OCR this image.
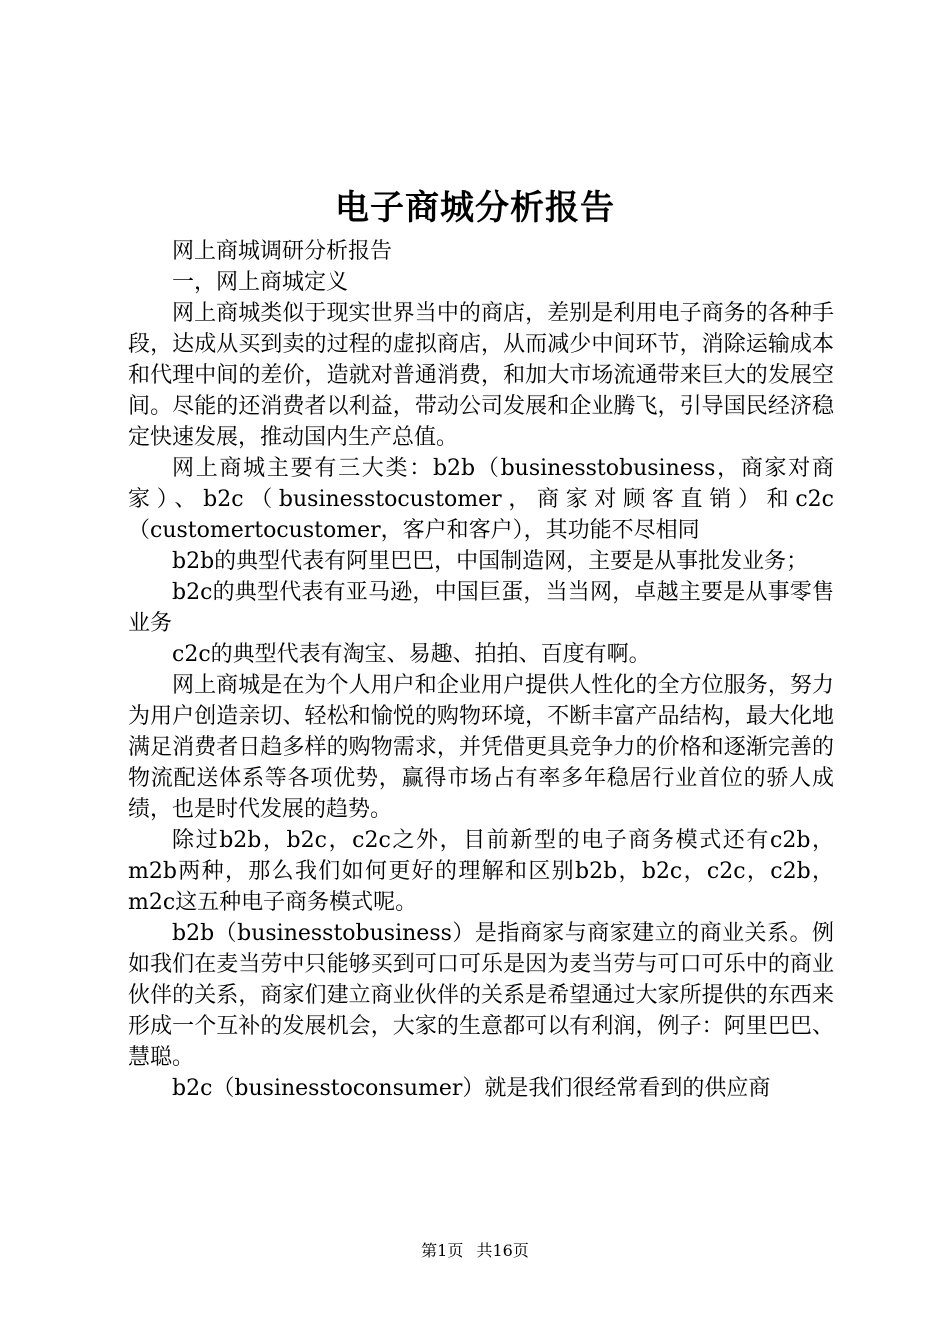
电子商城分析报告

网上商城调研分析报告

一，网上商城定义

网上商城类似于现实世界当中的商店，差别是利用电子商务的各种手段，达成从买到卖的过程的虚拟商店，从而减少中间环节，消除运输成本和代理中间的差价，造就对普通消费，和加大市场流通带来巨大的发展空间。尽能的还消费者以利益，带动公司发展和企业腾飞，引导国民经济稳定快速发展，推动国内生产总值。

网上商城主要有三大类：b2b（businesstobusiness，商家对商家）、b2c（businesstocustomer，商家对顾客直销）和c2c（customertocustomer，客户和客户），其功能不尽相同

b2b的典型代表有阿里巴巴，中国制造网，主要是从事批发业务；

b2c的典型代表有亚马逊，中国巨蛋，当当网，卓越主要是从事零售业务

c2c的典型代表有淘宝、易趣、拍拍、百度有啊。

网上商城是在为个人用户和企业用户提供人性化的全方位服务，努力为用户创造亲切、轻松和愉悦的购物环境，不断丰富产品结构，最大化地满足消费者日趋多样的购物需求，并凭借更具竞争力的价格和逐渐完善的物流配送体系等各项优势，赢得市场占有率多年稳居行业首位的骄人成绩，也是时代发展的趋势。

除过b2b，b2c，c2c之外，目前新型的电子商务模式还有c2b，m2b两种，那么我们如何更好的理解和区别b2b，b2c，c2c，c2b，m2c这五种电子商务模式呢。

b2b（businesstobusiness）是指商家与商家建立的商业关系。例如我们在麦当劳中只能够买到可口可乐是因为麦当劳与可口可乐中的商业伙伴的关系，商家们建立商业伙伴的关系是希望通过大家所提供的东西来形成一个互补的发展机会，大家的生意都可以有利润，例子：阿里巴巴、慧聪。

b2c（businesstoconsumer）就是我们很经常看到的供应商

第1页 共16页
